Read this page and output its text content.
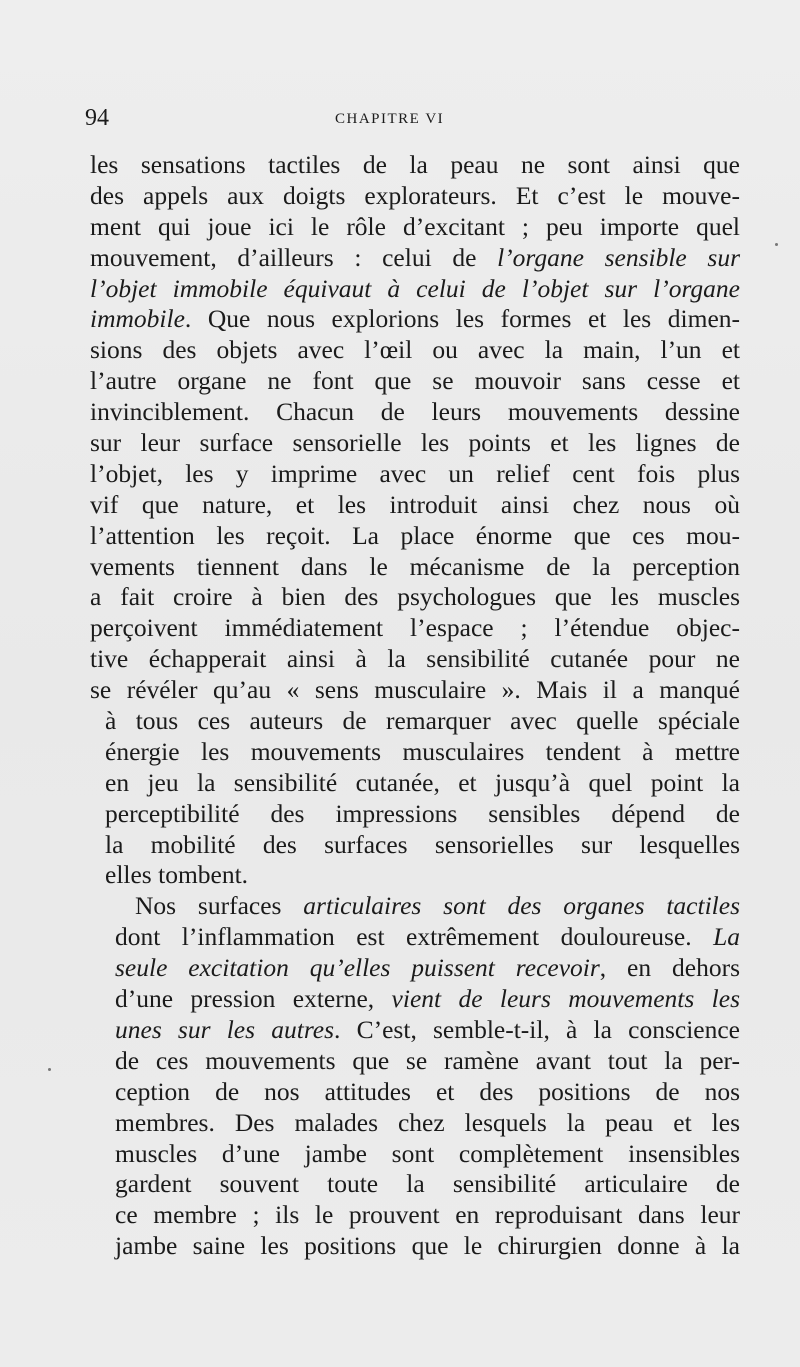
94	CHAPITRE VI
les sensations tactiles de la peau ne sont ainsi que
des appels aux doigts explorateurs. Et c’est le mouve-
ment qui joue ici le rôle d’excitant ; peu importe quel
mouvement, d’ailleurs : celui de l’organe sensible sur
l’objet immobile équivaut à celui de l’objet sur l’organe
immobile. Que nous explorions les formes et les dimen-
sions des objets avec l’œil ou avec la main, l’un et
l’autre organe ne font que se mouvoir sans cesse et
invinciblement. Chacun de leurs mouvements dessine
sur leur surface sensorielle les points et les lignes de
l’objet, les y imprime avec un relief cent fois plus
vif que nature, et les introduit ainsi chez nous où
l’attention les reçoit. La place énorme que ces mou-
vements tiennent dans le mécanisme de la perception
a fait croire à bien des psychologues que les muscles
perçoivent immédiatement l’espace ; l’étendue objec-
tive échapperait ainsi à la sensibilité cutanée pour ne
se révéler qu’au « sens musculaire ». Mais il a manqué
à tous ces auteurs de remarquer avec quelle spéciale
énergie les mouvements musculaires tendent à mettre
en jeu la sensibilité cutanée, et jusqu’à quel point la
perceptibilité des impressions sensibles dépend de
la mobilité des surfaces sensorielles sur lesquelles
elles tombent.
Nos surfaces articulaires sont des organes tactiles
dont l’inflammation est extrêmement douloureuse. La
seule excitation qu’elles puissent recevoir, en dehors
d’une pression externe, vient de leurs mouvements les
unes sur les autres. C’est, semble-t-il, à la conscience
de ces mouvements que se ramène avant tout la per-
ception de nos attitudes et des positions de nos
membres. Des malades chez lesquels la peau et les
muscles d’une jambe sont complètement insensibles
gardent souvent toute la sensibilité articulaire de
ce membre ; ils le prouvent en reproduisant dans leur
jambe saine les positions que le chirurgien donne à la
